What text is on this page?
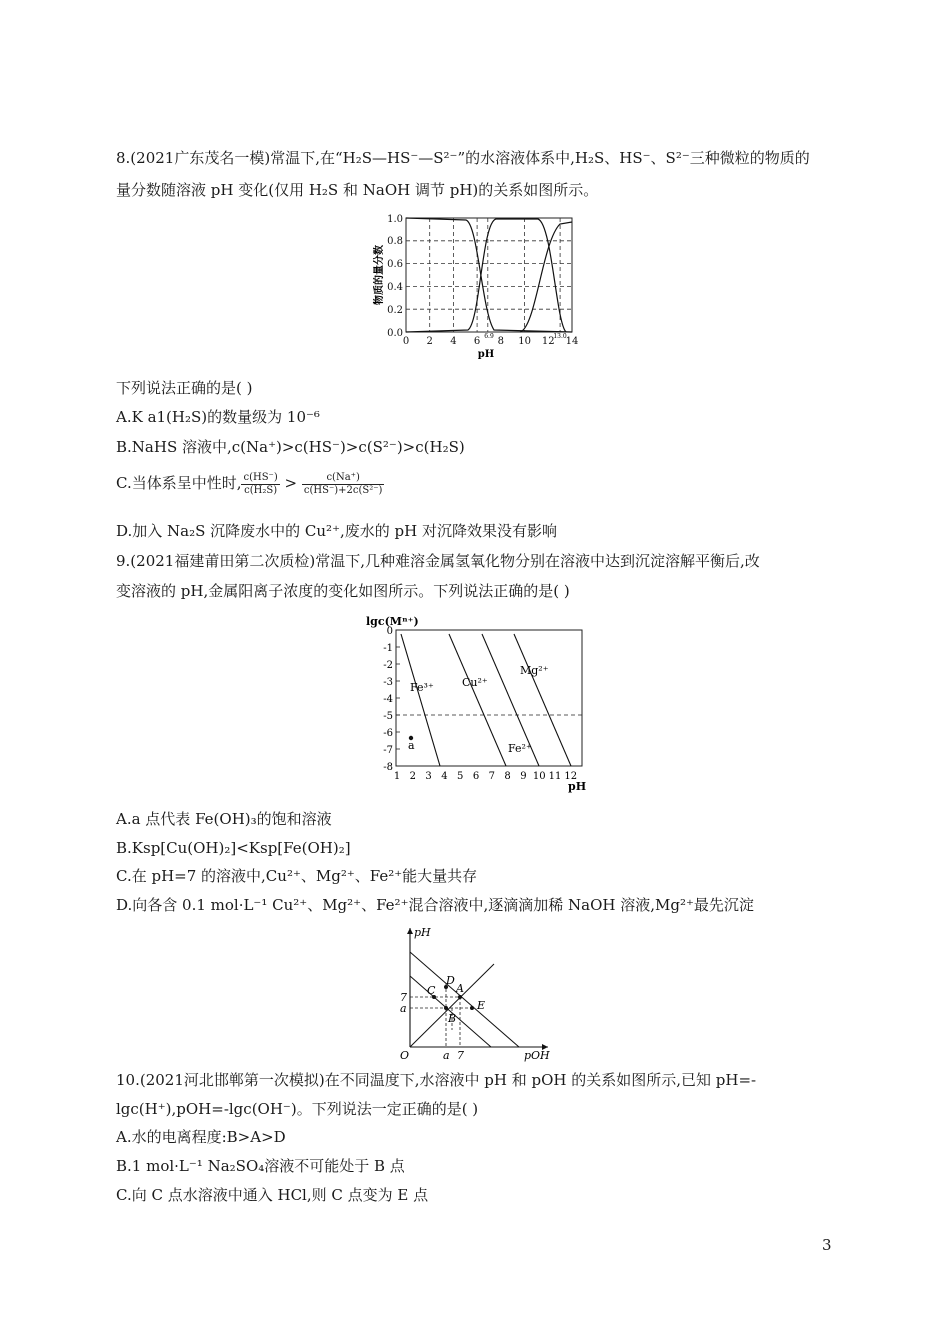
8.(2021广东茂名一模)常温下,在“H₂S—HS⁻—S²⁻”的水溶液体系中,H₂S、HS⁻、S²⁻三种微粒的物质的
量分数随溶液 pH 变化(仅用 H₂S 和 NaOH 调节 pH)的关系如图所示。
1.0
0.8
0.6
0.4
0.2
0.0
0 2 4 6 8 10 12 14
6.9	13.0
pH
物质的量分数
下列说法正确的是( )
A.K a1(H₂S)的数量级为 10⁻⁶
B.NaHS 溶液中,c(Na⁺)>c(HS⁻)>c(S²⁻)>c(H₂S)
C.当体系呈中性时, $\frac{c(HS^-)}{\text{c(H₂S)}} > \frac{c(Na^+)}{\text{c(HS⁻)+2c(S²⁻)}}$
D.加入 Na₂S 沉降废水中的 Cu²⁺,废水的 pH 对沉降效果没有影响
9.(2021福建莆田第二次质检)常温下,几种难溶金属氢氧化物分别在溶液中达到沉淀溶解平衡后,改
变溶液的 pH,金属阳离子浓度的变化如图所示。下列说法正确的是( )
Fe³⁺	Cu²⁺
Mg²⁺
Fe²⁺
a
lgc(Mⁿ⁺)
pH
0
-1
-2
-3
-4
-5
-6
-7
-8
1 2 3 4 5 6 7 8 9 10 11 12
A.a 点代表 Fe(OH)₃的饱和溶液
B.Ksp[Cu(OH)₂]<Ksp[Fe(OH)₂]
C.在 pH=7 的溶液中,Cu²⁺、Mg²⁺、Fe²⁺能大量共存
D.向各含 0.1 mol·L⁻¹ Cu²⁺、Mg²⁺、Fe²⁺混合溶液中,逐滴滴加稀 NaOH 溶液,Mg²⁺最先沉淀
D
A
C
B
E
7
a
a 7
O
pH
pOH
10.(2021河北邯郸第一次模拟)在不同温度下,水溶液中 pH 和 pOH 的关系如图所示,已知 pH=-
lgc(H⁺),pOH=-lgc(OH⁻)。下列说法一定正确的是( )
A.水的电离程度:B>A>D
B.1 mol·L⁻¹ Na₂SO₄溶液不可能处于 B 点
C.向 C 点水溶液中通入 HCl,则 C 点变为 E 点
3
